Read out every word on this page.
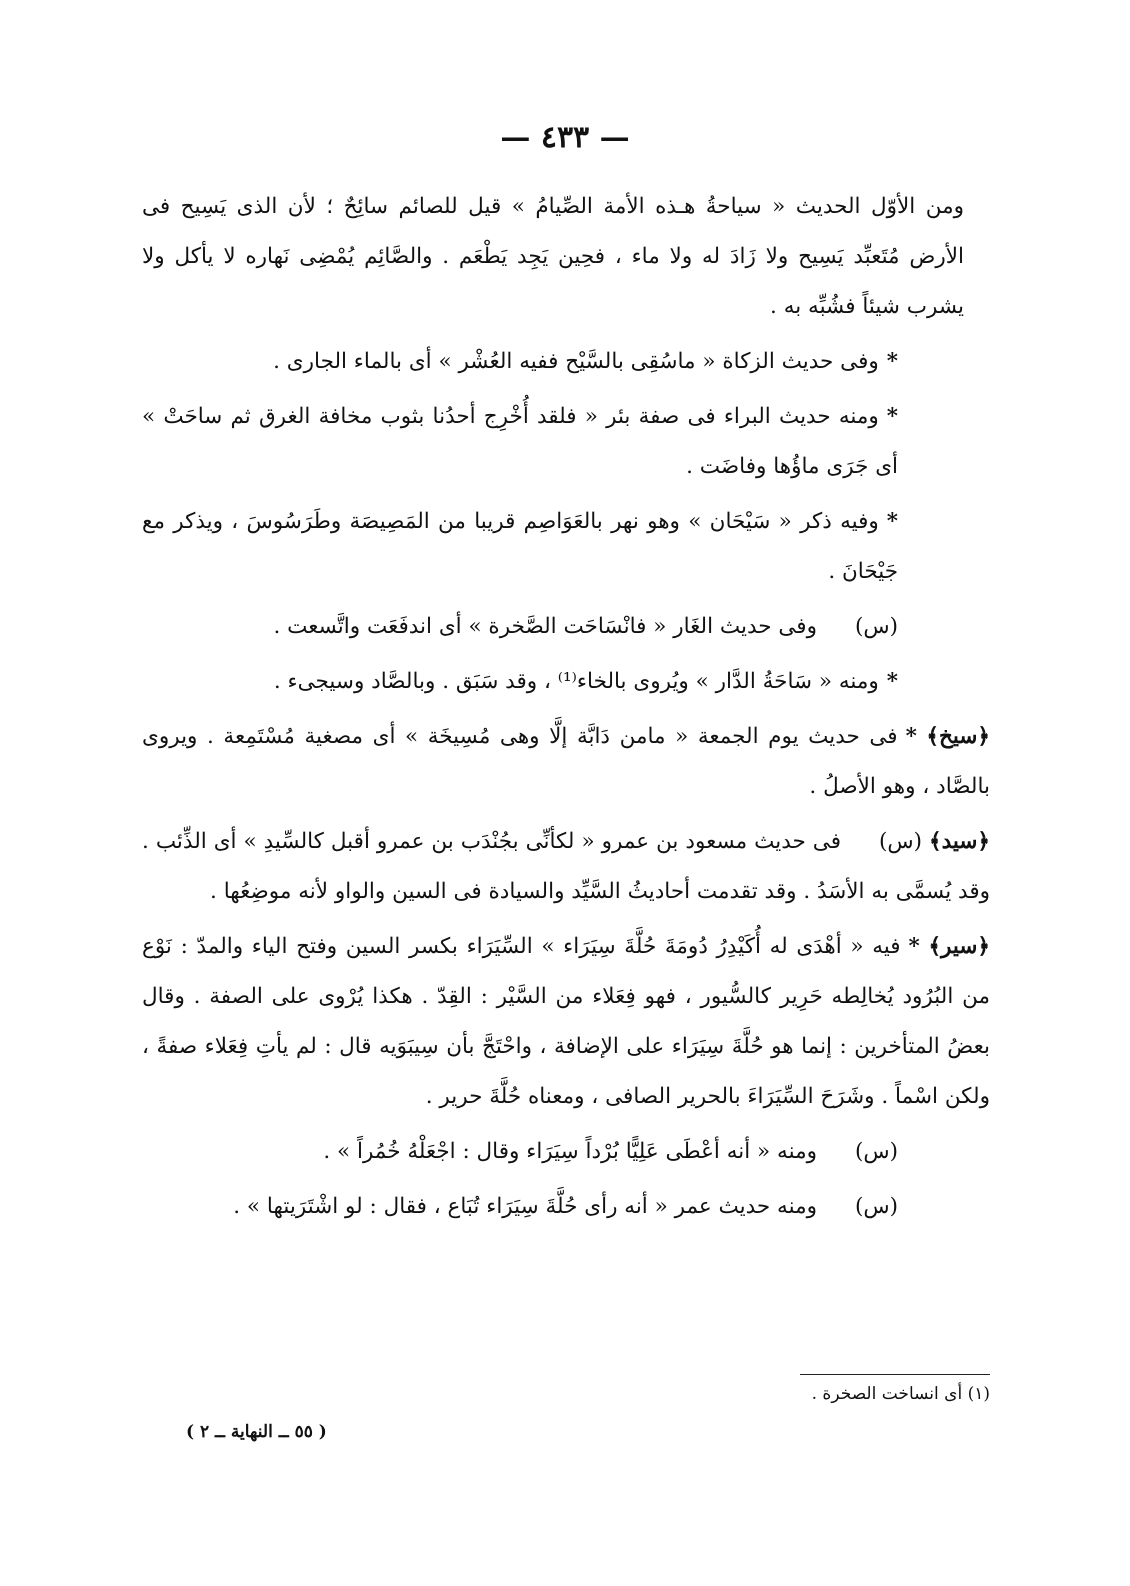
— ٤٣٣ —

ومن الأوّل الحديث « سياحةُ هـذه الأمة الصِّيامُ » قيل للصائم سائِحٌ ؛ لأن الذى يَسِيح فى الأرض مُتَعبِّد يَسِيح ولا زَادَ له ولا ماء ، فحِين يَجِد يَطْعَم . والصَّائِم يُمْضِى نَهاره لا يأكل ولا يشرب شيئاً فشُبِّه به .

*وفى حديث الزكاة « ماسُقِى بالسَّيْح ففيه العُشْر » أى بالماء الجارى .

*ومنه حديث البراء فى صفة بئر « فلقد أُخْرِج أحدُنا بثوب مخافة الغرق ثم ساحَتْ » أى جَرَى ماؤُها وفاضَت .

*وفيه ذكر « سَيْحَان » وهو نهر بالعَوَاصِم قريبا من المَصِيصَة وطَرَسُوسَ ، ويذكر مع جَيْحَانَ .

(س)وفى حديث الغَار « فانْسَاحَت الصَّخرة » أى اندفَعَت واتَّسعت .

*ومنه « سَاحَةُ الدَّار » ويُروى بالخاء⁽¹⁾ ، وقد سَبَق . وبالصَّاد وسيجىء .

﴿سيخ﴾ *فى حديث يوم الجمعة « مامن دَابَّة إلَّا وهى مُسِيخَة » أى مصغية مُسْتَمِعة . ويروى بالصَّاد ، وهو الأصلُ .

﴿سيد﴾ (س)فى حديث مسعود بن عمرو « لكأنِّى بجُنْدَب بن عمرو أقبل كالسِّيدِ » أى الذِّئب . وقد يُسمَّى به الأسَدُ . وقد تقدمت أحاديثُ السَّيِّد والسيادة فى السين والواو لأنه موضِعُها .

﴿سير﴾ *فيه « أهْدَى له أُكَيْدِرُ دُومَةَ حُلَّةَ سِيَرَاء » السِّيَرَاء بكسر السين وفتح الياء والمدّ : نَوْع من البُرُود يُخالِطه حَرِير كالسُّيور ، فهو فِعَلاء من السَّيْر : القِدّ . هكذا يُرْوى على الصفة . وقال بعضُ المتأخرين : إنما هو حُلَّةَ سِيَرَاء على الإضافة ، واحْتَجَّ بأن سِيبَوَيه قال : لم يأتِ فِعَلاء صفةً ، ولكن اسْماً . وشَرَحَ السِّيَرَاءَ بالحرير الصافى ، ومعناه حُلَّةَ حرير .

(س)ومنه « أنه أعْطَى عَلِيًّا بُرْداً سِيَرَاء وقال : اجْعَلْهُ خُمُراً » .

(س)ومنه حديث عمر « أنه رأى حُلَّةَ سِيَرَاء تُبَاع ، فقال : لو اشْتَرَيتها » .

(١) أى انساخت الصخرة .
( ٥٥ ــ النهاية ــ ٢ )
